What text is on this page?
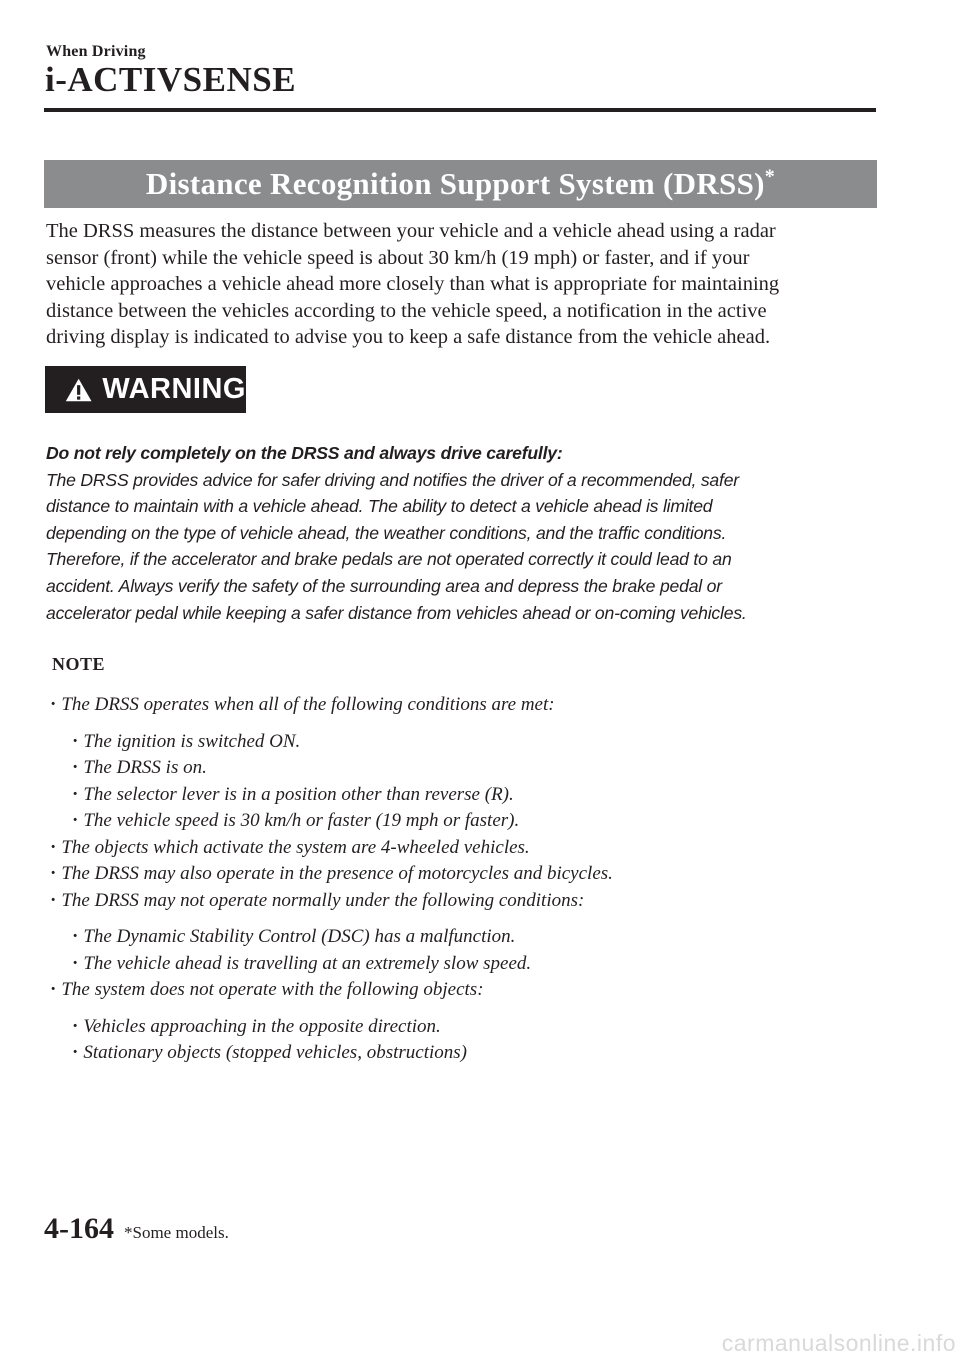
When Driving
i-ACTIVSENSE
Distance Recognition Support System (DRSS)*
The DRSS measures the distance between your vehicle and a vehicle ahead using a radar
sensor (front) while the vehicle speed is about 30 km/h (19 mph) or faster, and if your
vehicle approaches a vehicle ahead more closely than what is appropriate for maintaining
distance between the vehicles according to the vehicle speed, a notification in the active
driving display is indicated to advise you to keep a safe distance from the vehicle ahead.
WARNING
Do not rely completely on the DRSS and always drive carefully:
The DRSS provides advice for safer driving and notifies the driver of a recommended, safer
distance to maintain with a vehicle ahead. The ability to detect a vehicle ahead is limited
depending on the type of vehicle ahead, the weather conditions, and the traffic conditions.
Therefore, if the accelerator and brake pedals are not operated correctly it could lead to an
accident. Always verify the safety of the surrounding area and depress the brake pedal or
accelerator pedal while keeping a safer distance from vehicles ahead or on-coming vehicles.
NOTE
· The DRSS operates when all of the following conditions are met:
· The ignition is switched ON.
· The DRSS is on.
· The selector lever is in a position other than reverse (R).
· The vehicle speed is 30 km/h or faster (19 mph or faster).
· The objects which activate the system are 4-wheeled vehicles.
· The DRSS may also operate in the presence of motorcycles and bicycles.
· The DRSS may not operate normally under the following conditions:
· The Dynamic Stability Control (DSC) has a malfunction.
· The vehicle ahead is travelling at an extremely slow speed.
· The system does not operate with the following objects:
· Vehicles approaching in the opposite direction.
· Stationary objects (stopped vehicles, obstructions)
4-164 *Some models.
carmanualsonline.info
